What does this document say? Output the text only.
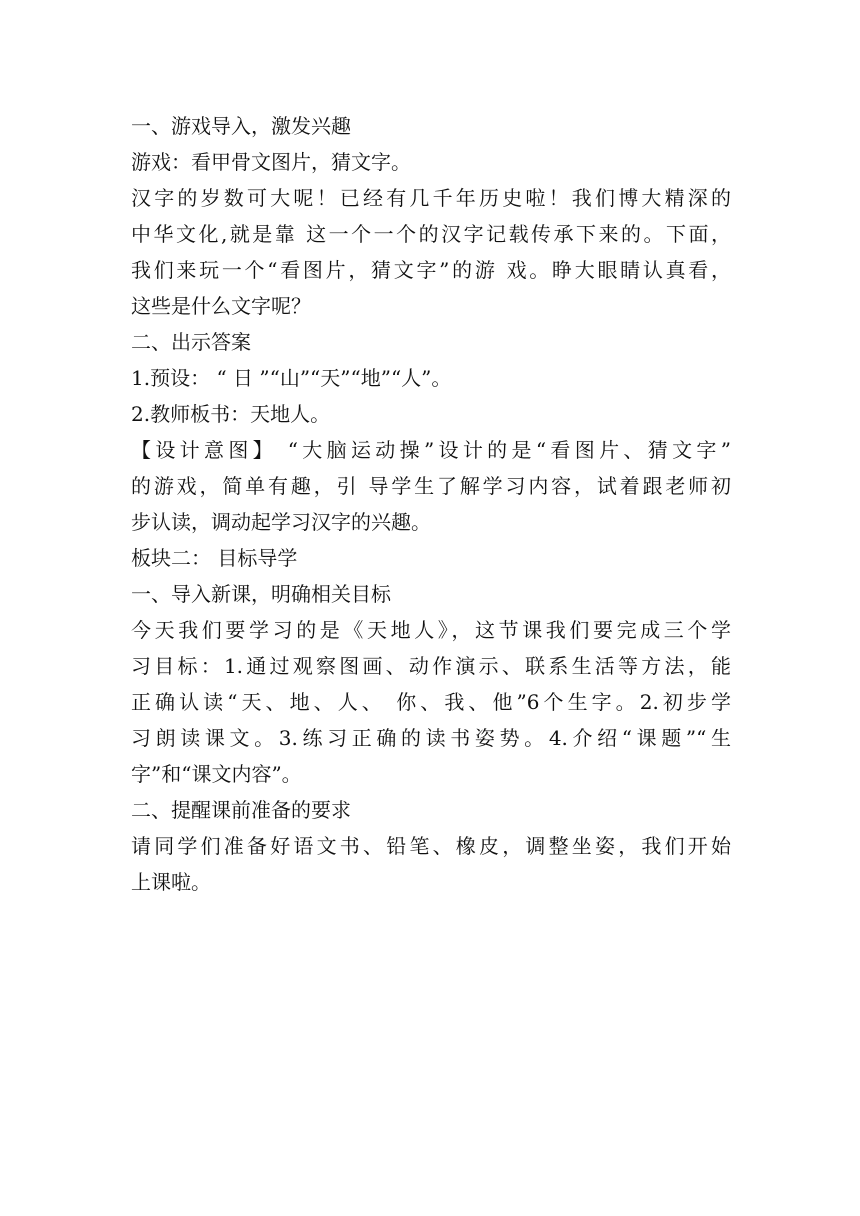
一、游戏导入，激发兴趣
游戏：看甲骨文图片，猜文字。
汉字的岁数可大呢！已经有几千年历史啦！我们博大精深的
中华文化,就是靠 这一个一个的汉字记载传承下来的。下面，
我们来玩一个“看图片，猜文字”的游 戏。睁大眼睛认真看，
这些是什么文字呢？
二、出示答案
1.预设： “ 日 ”“山”“天”“地”“人”。
2.教师板书：天地人。
【设计意图】 “大脑运动操”设计的是“看图片、猜文字”
的游戏，简单有趣，引 导学生了解学习内容，试着跟老师初
步认读，调动起学习汉字的兴趣。
板块二： 目标导学
一、导入新课，明确相关目标
今天我们要学习的是《天地人》，这节课我们要完成三个学
习目标：1.通过观察图画、动作演示、联系生活等方法，能
正确认读“天、地、人、 你、我、他”6个生字。2.初步学
习朗读课文。3.练习正确的读书姿势。4.介绍“课题”“生
字”和“课文内容”。
二、提醒课前准备的要求
请同学们准备好语文书、铅笔、橡皮，调整坐姿，我们开始
上课啦。
